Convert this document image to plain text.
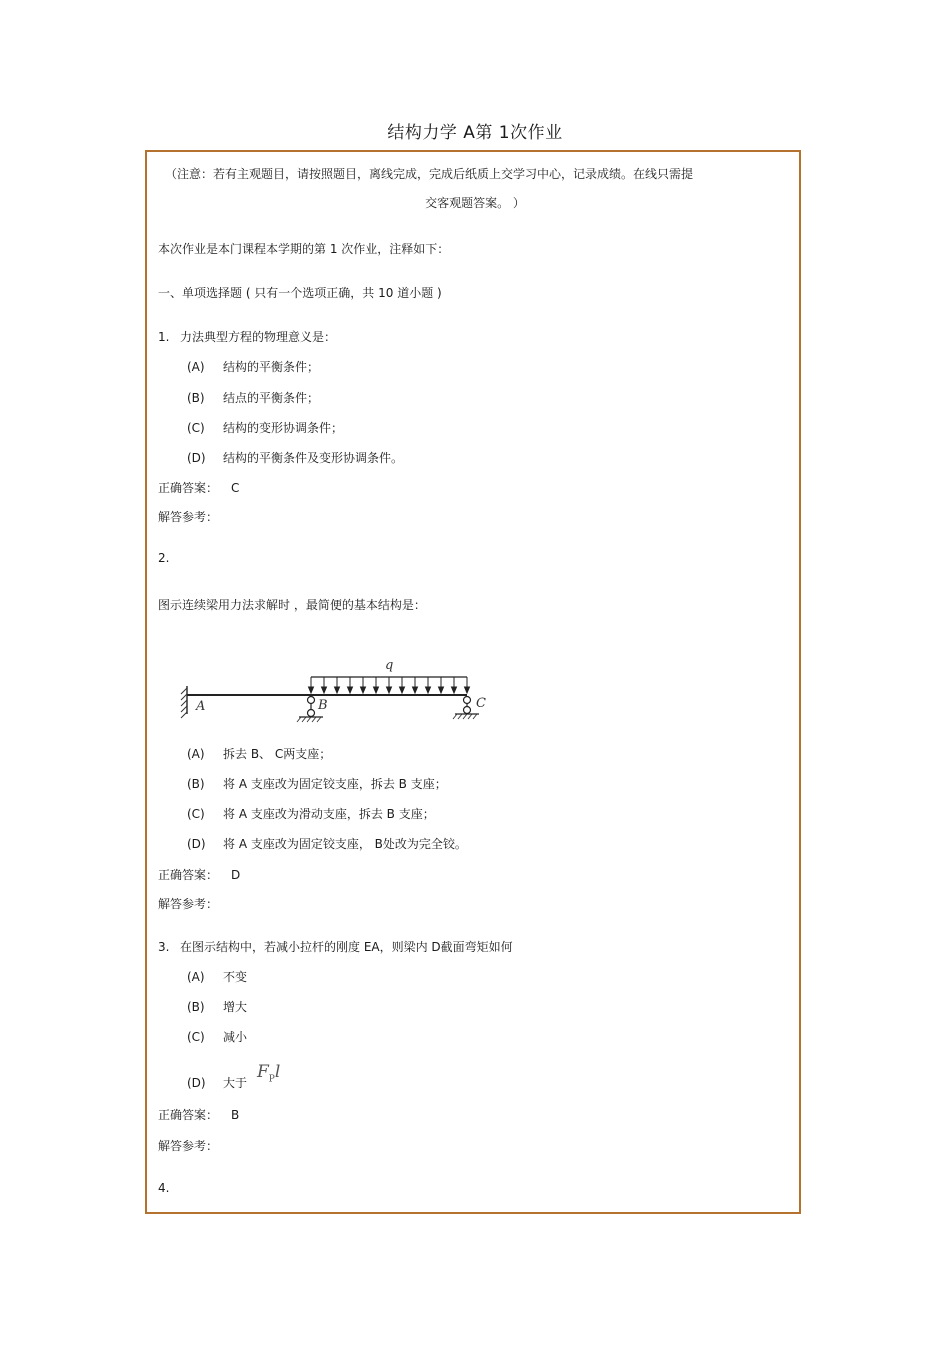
结构力学 A第 1次作业
（注意：若有主观题目，请按照题目，离线完成，完成后纸质上交学习中心，记录成绩。在线只需提
交客观题答案。 ）
本次作业是本门课程本学期的第 1 次作业，注释如下：
一、单项选择题 ( 只有一个选项正确，共 10 道小题 )
1. 力法典型方程的物理意义是：
(A) 结构的平衡条件；
(B) 结点的平衡条件；
(C) 结构的变形协调条件；
(D) 结构的平衡条件及变形协调条件。
正确答案： C
解答参考：
2.
图示连续梁用力法求解时 ，最简便的基本结构是：
q
A	B	C
(A) 拆去 B、 C两支座；
(B) 将 A 支座改为固定铰支座，拆去 B 支座；
(C) 将 A 支座改为滑动支座，拆去 B 支座；
(D) 将 A 支座改为固定铰支座， B处改为完全铰。
正确答案： D
解答参考：
3. 在图示结构中，若减小拉杆的刚度 EA，则梁内 D截面弯矩如何
(A) 不变
(B) 增大
(C) 减小
(D) 大于
$F_Pl$
正确答案： B
解答参考：
4.
